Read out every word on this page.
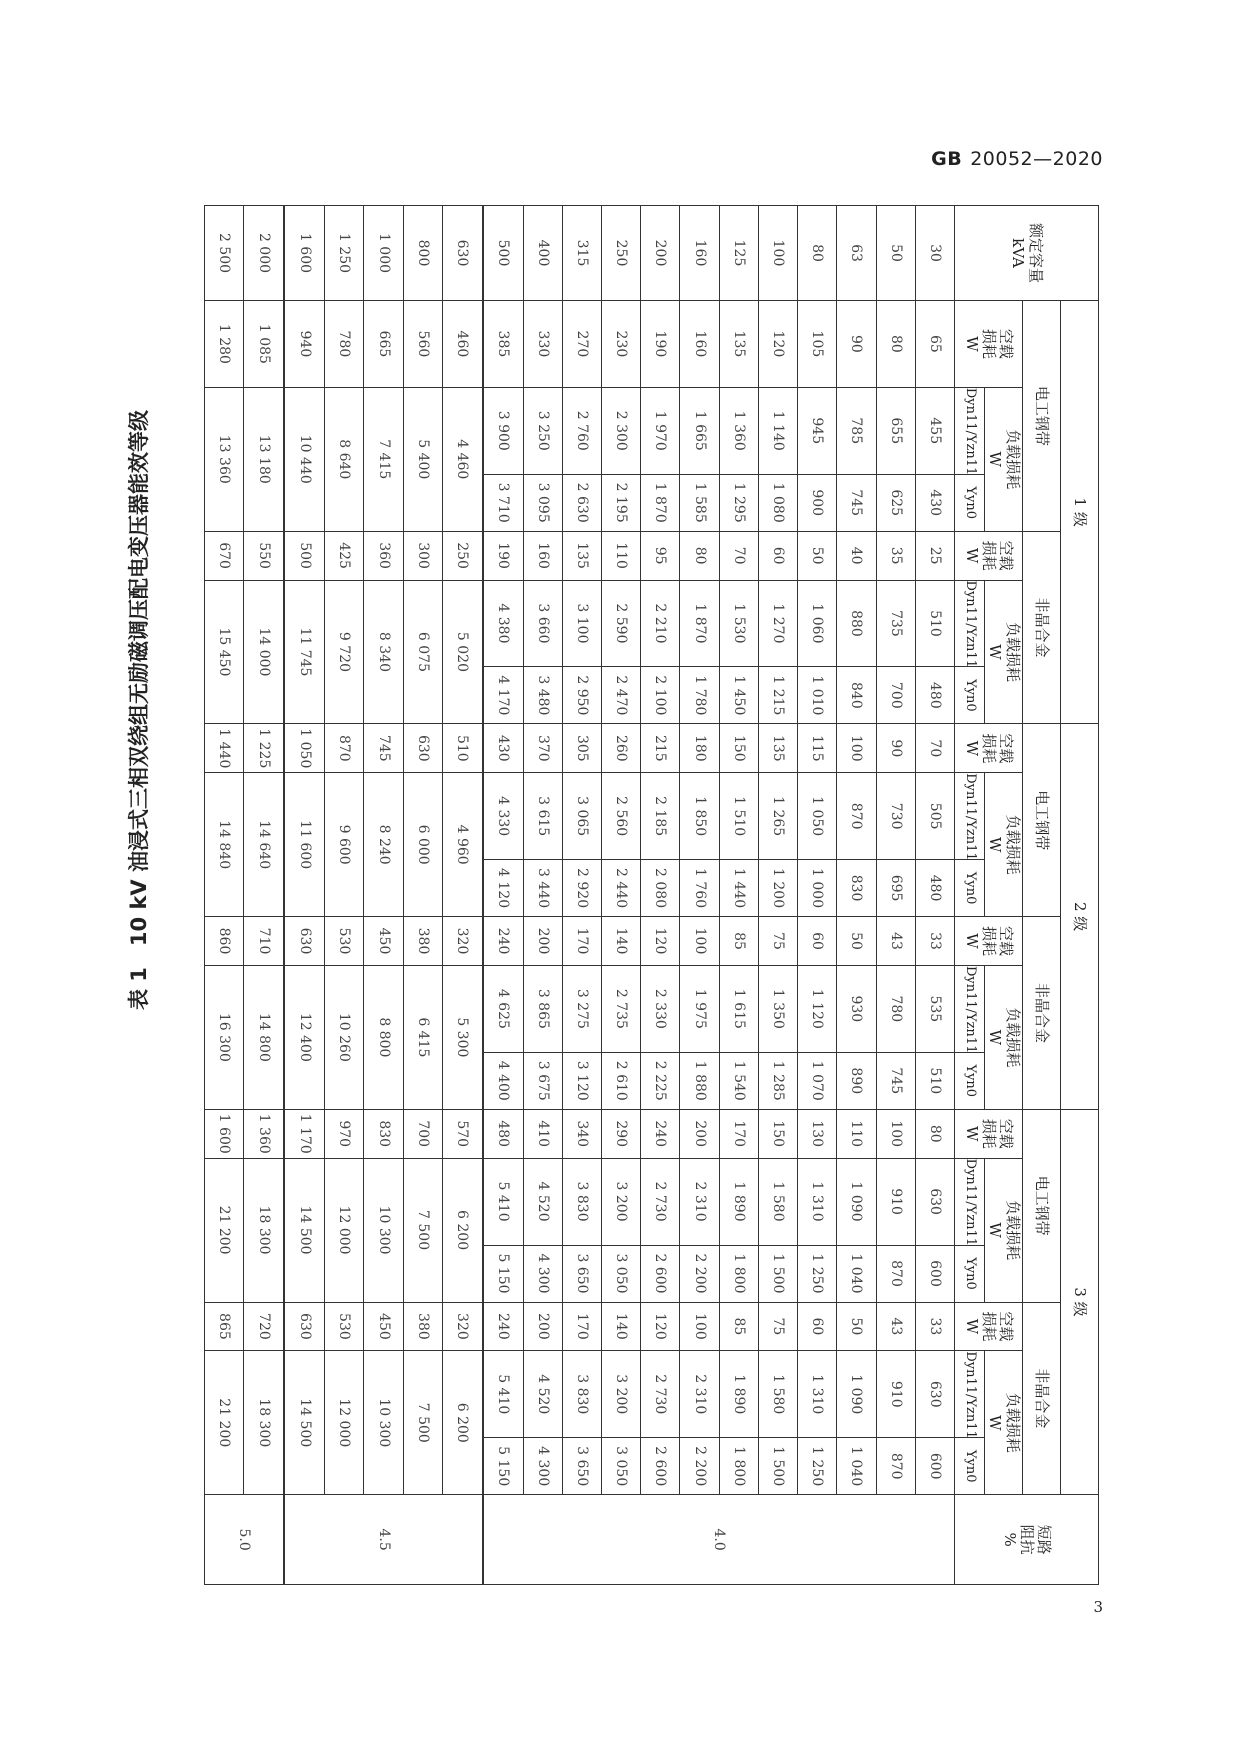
GB 20052—2020
表 1　10 kV 油浸式三相双绕组无励磁调压配电变压器能效等级
额定容量
kVA	1 级						2 级						3 级						短路
阻抗
%
	电工钢带			非晶合金			电工钢带			非晶合金			电工钢带			非晶合金			
	空载
损耗
W	负载损耗
W		空载
损耗
W	负载损耗
W		空载
损耗
W	负载损耗
W		空载
损耗
W	负载损耗
W		空载
损耗
W	负载损耗
W		空载
损耗
W	负载损耗
W		
		Dyn11/Yzn11	Yyn0		Dyn11/Yzn11	Yyn0		Dyn11/Yzn11	Yyn0		Dyn11/Yzn11	Yyn0		Dyn11/Yzn11	Yyn0		Dyn11/Yzn11	Yyn0	
30	65	455	430	25	510	480	70	505	480	33	535	510	80	630	600	33	630	600	4.0
50	80	655	625	35	735	700	90	730	695	43	780	745	100	910	870	43	910	870	
63	90	785	745	40	880	840	100	870	830	50	930	890	110	1 090	1 040	50	1 090	1 040	
80	105	945	900	50	1 060	1 010	115	1 050	1 000	60	1 120	1 070	130	1 310	1 250	60	1 310	1 250	
100	120	1 140	1 080	60	1 270	1 215	135	1 265	1 200	75	1 350	1 285	150	1 580	1 500	75	1 580	1 500	
125	135	1 360	1 295	70	1 530	1 450	150	1 510	1 440	85	1 615	1 540	170	1 890	1 800	85	1 890	1 800	
160	160	1 665	1 585	80	1 870	1 780	180	1 850	1 760	100	1 975	1 880	200	2 310	2 200	100	2 310	2 200	
200	190	1 970	1 870	95	2 210	2 100	215	2 185	2 080	120	2 330	2 225	240	2 730	2 600	120	2 730	2 600	
250	230	2 300	2 195	110	2 590	2 470	260	2 560	2 440	140	2 735	2 610	290	3 200	3 050	140	3 200	3 050	
315	270	2 760	2 630	135	3 100	2 950	305	3 065	2 920	170	3 275	3 120	340	3 830	3 650	170	3 830	3 650	
400	330	3 250	3 095	160	3 660	3 480	370	3 615	3 440	200	3 865	3 675	410	4 520	4 300	200	4 520	4 300	
500	385	3 900	3 710	190	4 380	4 170	430	4 330	4 120	240	4 625	4 400	480	5 410	5 150	240	5 410	5 150	
630	460	4 460		250	5 020		510	4 960		320	5 300		570	6 200		320	6 200		4.5
800	560	5 400		300	6 075		630	6 000		380	6 415		700	7 500		380	7 500		
1 000	665	7 415		360	8 340		745	8 240		450	8 800		830	10 300		450	10 300		
1 250	780	8 640		425	9 720		870	9 600		530	10 260		970	12 000		530	12 000		
1 600	940	10 440		500	11 745		1 050	11 600		630	12 400		1 170	14 500		630	14 500		
2 000	1 085	13 180		550	14 000		1 225	14 640		710	14 800		1 360	18 300		720	18 300		5.0
2 500	1 280	13 360		670	15 450		1 440	14 840		860	16 300		1 600	21 200		865	21 200		
3
